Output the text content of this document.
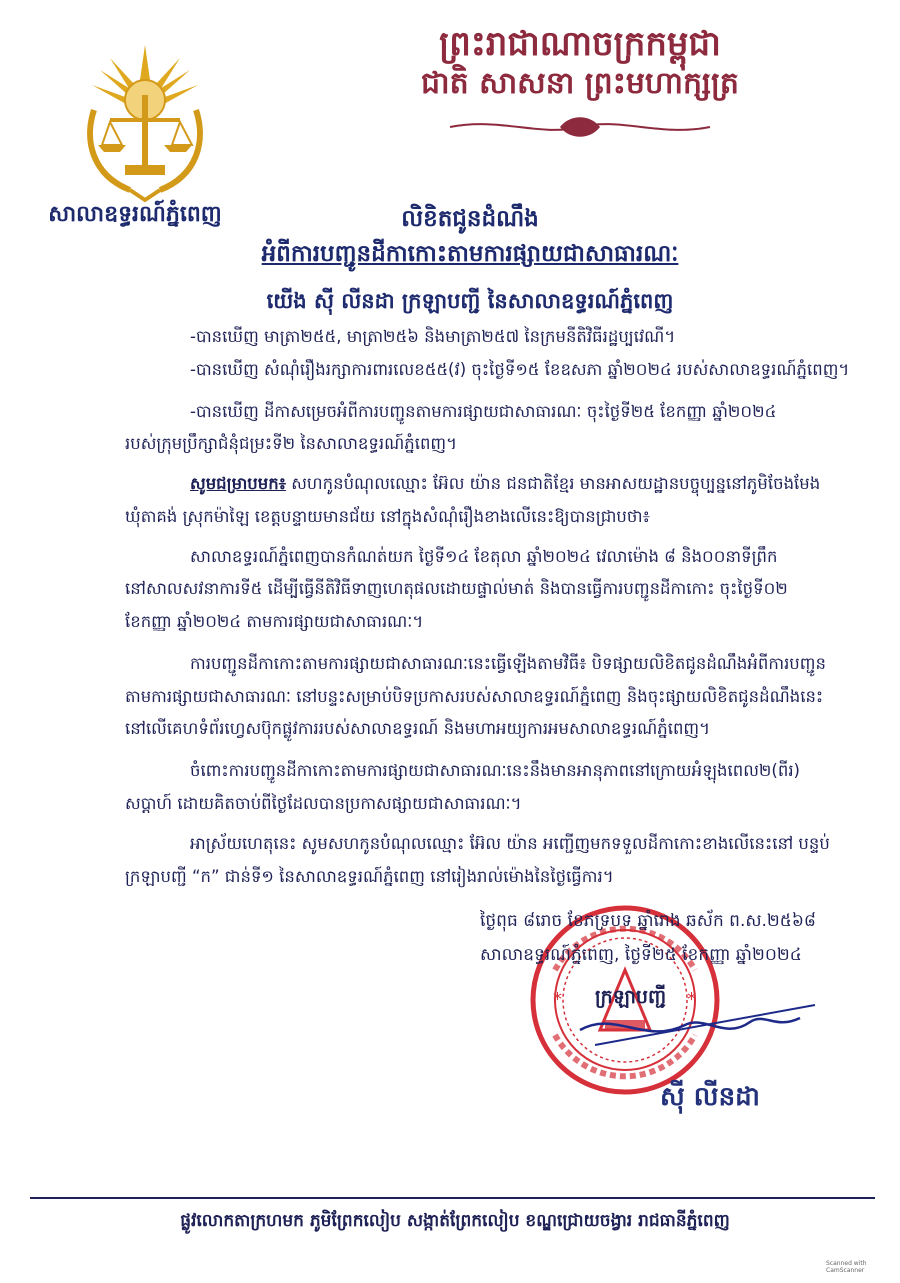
ព្រះរាជាណាចក្រកម្ពុជា
ជាតិ សាសនា ព្រះមហាក្សត្រ
សាលាឧទ្ធរណ៍ភ្នំពេញ	លិខិតជូនដំណឹង
អំពីការបញ្ជូនដីកាកោះតាមការផ្សាយជាសាធារណៈ
យើង ស៊ី លីនដា ក្រឡាបញ្ជី នៃសាលាឧទ្ធរណ៍ភ្នំពេញ
-បានឃើញ មាត្រា២៥៥, មាត្រា២៥៦ និងមាត្រា២៥៧ នៃក្រមនីតិវិធីរដ្ឋប្បវេណី។
-បានឃើញ សំណុំរឿងរក្សាការពារលេខ៥៥(វ) ចុះថ្ងៃទី១៥ ខែឧសភា ឆ្នាំ២០២៤ របស់សាលាឧទ្ធរណ៍ភ្នំពេញ។
-បានឃើញ ដីកាសម្រេចអំពីការបញ្ជូនតាមការផ្សាយជាសាធារណៈ ចុះថ្ងៃទី២៥ ខែកញ្ញា ឆ្នាំ២០២៤
របស់ក្រុមប្រឹក្សាជំនុំជម្រះទី២ នៃសាលាឧទ្ធរណ៍ភ្នំពេញ។
សូមជម្រាបមក៖ សហកូនបំណុលឈ្មោះ អ៊ែល យ៉ាន ជនជាតិខ្មែរ មានអាសយដ្ឋានបច្ចុប្បន្ននៅភូមិចែងមែង
ឃុំតាគង់ ស្រុកម៉ាឡៃ ខេត្តបន្ទាយមានជ័យ នៅក្នុងសំណុំរឿងខាងលើនេះឱ្យបានជ្រាបថា៖
សាលាឧទ្ធរណ៍ភ្នំពេញបានកំណត់យក ថ្ងៃទី១៤ ខែតុលា ឆ្នាំ២០២៤ វេលាម៉ោង ៨ និង០០នាទីព្រឹក
នៅសាលសវនាការទី៥ ដើម្បីធ្វើនីតិវិធីទាញហេតុផលដោយផ្ទាល់មាត់ និងបានធ្វើការបញ្ជូនដីកាកោះ ចុះថ្ងៃទី០២
ខែកញ្ញា ឆ្នាំ២០២៤ តាមការផ្សាយជាសាធារណៈ។
ការបញ្ជូនដីកាកោះតាមការផ្សាយជាសាធារណៈនេះធ្វើឡើងតាមវិធី៖ បិទផ្សាយលិខិតជូនដំណឹងអំពីការបញ្ជូន
តាមការផ្សាយជាសាធារណៈ នៅបន្ទះសម្រាប់បិទប្រកាសរបស់សាលាឧទ្ធរណ៍ភ្នំពេញ និងចុះផ្សាយលិខិតជូនដំណឹងនេះ
នៅលើគេហទំព័រហ្វេសប៊ុកផ្លូវការរបស់សាលាឧទ្ធរណ៍ និងមហាអយ្យការអមសាលាឧទ្ធរណ៍ភ្នំពេញ។
ចំពោះការបញ្ជូនដីកាកោះតាមការផ្សាយជាសាធារណៈនេះនឹងមានអានុភាពនៅក្រោយអំឡុងពេល២(ពីរ)
សប្តាហ៍ ដោយគិតចាប់ពីថ្ងៃដែលបានប្រកាសផ្សាយជាសាធារណៈ។
អាស្រ័យហេតុនេះ សូមសហកូនបំណុលឈ្មោះ អ៊ែល យ៉ាន អញ្ជើញមកទទួលដីកាកោះខាងលើនេះនៅ បន្ទប់
ក្រឡាបញ្ជី “ក” ជាន់ទី១ នៃសាលាឧទ្ធរណ៍ភ្នំពេញ នៅរៀងរាល់ម៉ោងនៃថ្ងៃធ្វើការ។
*	*
ថ្ងៃពុធ ៨រោច ខែភទ្របទ ឆ្នាំរោង ឆស័ក ព.ស.២៥៦៨
សាលាឧទ្ធរណ៍ភ្នំពេញ, ថ្ងៃទី២៥ ខែកញ្ញា ឆ្នាំ២០២៤
ក្រឡាបញ្ជី
ស៊ី លីនដា
ផ្លូវលោកតាក្រហមក ភូមិព្រែកលៀប សង្កាត់ព្រែកលៀប ខណ្ឌជ្រោយចង្វារ រាជធានីភ្នំពេញ
Scanned with
CamScanner
